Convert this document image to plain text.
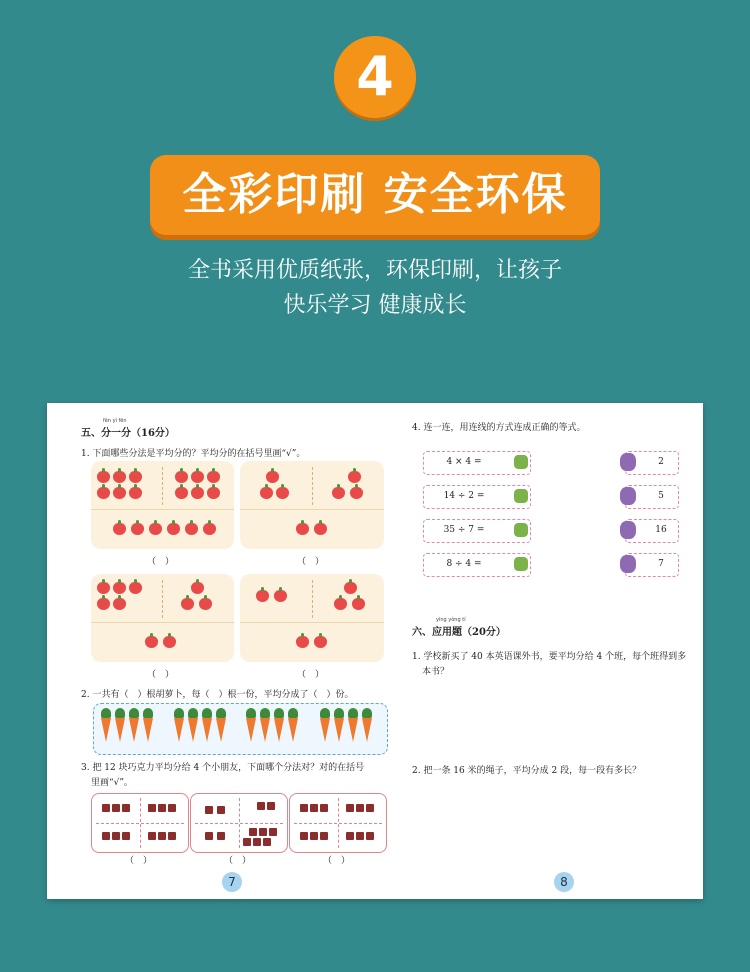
4
全彩印刷 安全环保
全书采用优质纸张，环保印刷，让孩子
快乐学习 健康成长
fēn yì fēn
五、分一分（16分）
1. 下面哪些分法是平均分的？平均分的在括号里画“√”。
（　）	（　）
（　）	（　）
2. 一共有（　）根胡萝卜，每（　）根一份，平均分成了（　）份。
3. 把 12 块巧克力平均分给 4 个小朋友，下面哪个分法对？对的在括号
里画“√”。
（　）	（　）	（　）
7
4. 连一连，用连线的方式连成正确的等式。
4 × 4 =
14 ÷ 2 =
35 ÷ 7 =
8 ÷ 4 =
2
5
16
7
yìng yòng tí
六、应用题（20分）
1. 学校新买了 40 本英语课外书，要平均分给 4 个班，每个班得到多
本书？
2. 把一条 16 米的绳子，平均分成 2 段，每一段有多长？
8
